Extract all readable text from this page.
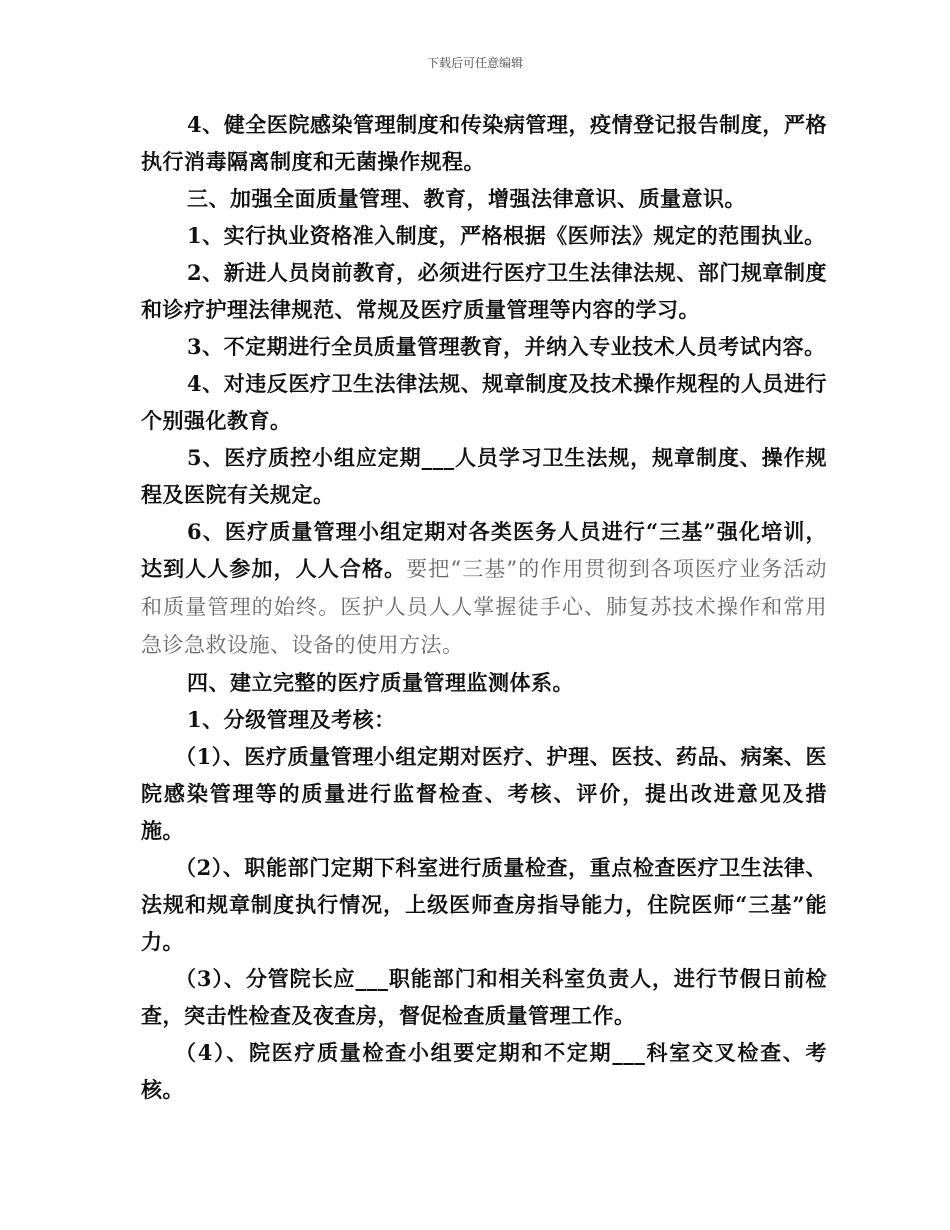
下载后可任意编辑

4、健全医院感染管理制度和传染病管理，疫情登记报告制度，严格执行消毒隔离制度和无菌操作规程。

三、加强全面质量管理、教育，增强法律意识、质量意识。

1、实行执业资格准入制度，严格根据《医师法》规定的范围执业。

2、新进人员岗前教育，必须进行医疗卫生法律法规、部门规章制度和诊疗护理法律规范、常规及医疗质量管理等内容的学习。

3、不定期进行全员质量管理教育，并纳入专业技术人员考试内容。

4、对违反医疗卫生法律法规、规章制度及技术操作规程的人员进行个别强化教育。

5、医疗质控小组应定期___人员学习卫生法规，规章制度、操作规程及医院有关规定。

6、医疗质量管理小组定期对各类医务人员进行“三基”强化培训，达到人人参加，人人合格。要把“三基”的作用贯彻到各项医疗业务活动和质量管理的始终。医护人员人人掌握徒手心、肺复苏技术操作和常用急诊急救设施、设备的使用方法。

四、建立完整的医疗质量管理监测体系。

1、分级管理及考核：

（1）、医疗质量管理小组定期对医疗、护理、医技、药品、病案、医院感染管理等的质量进行监督检查、考核、评价，提出改进意见及措施。

（2）、职能部门定期下科室进行质量检查，重点检查医疗卫生法律、法规和规章制度执行情况，上级医师查房指导能力，住院医师“三基”能力。

（3）、分管院长应___职能部门和相关科室负责人，进行节假日前检查，突击性检查及夜查房，督促检查质量管理工作。

（4）、院医疗质量检查小组要定期和不定期___科室交叉检查、考核。
